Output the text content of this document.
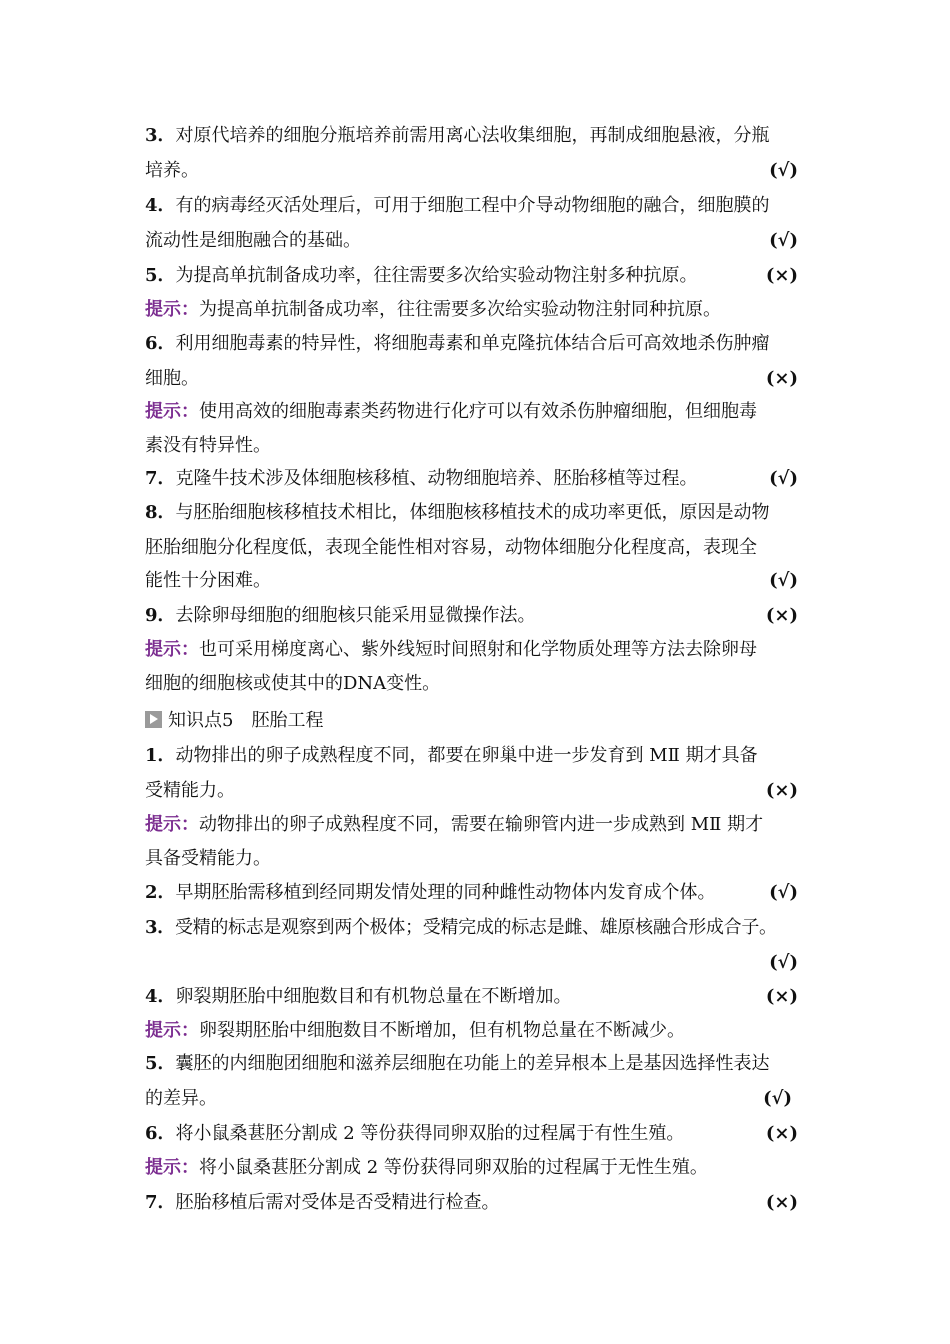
3．对原代培养的细胞分瓶培养前需用离心法收集细胞，再制成细胞悬液，分瓶
培养。	(√)
4．有的病毒经灭活处理后，可用于细胞工程中介导动物细胞的融合，细胞膜的
流动性是细胞融合的基础。	(√)
5．为提高单抗制备成功率，往往需要多次给实验动物注射多种抗原。	(×)
提示：为提高单抗制备成功率，往往需要多次给实验动物注射同种抗原。
6．利用细胞毒素的特异性，将细胞毒素和单克隆抗体结合后可高效地杀伤肿瘤
细胞。	(×)
提示：使用高效的细胞毒素类药物进行化疗可以有效杀伤肿瘤细胞，但细胞毒
素没有特异性。
7．克隆牛技术涉及体细胞核移植、动物细胞培养、胚胎移植等过程。	(√)
8．与胚胎细胞核移植技术相比，体细胞核移植技术的成功率更低，原因是动物
胚胎细胞分化程度低，表现全能性相对容易，动物体细胞分化程度高，表现全
能性十分困难。	(√)
9．去除卵母细胞的细胞核只能采用显微操作法。	(×)
提示：也可采用梯度离心、紫外线短时间照射和化学物质处理等方法去除卵母
细胞的细胞核或使其中的DNA变性。
知识点5　胚胎工程
1．动物排出的卵子成熟程度不同，都要在卵巢中进一步发育到 MⅡ 期才具备
受精能力。	(×)
提示：动物排出的卵子成熟程度不同，需要在输卵管内进一步成熟到 MⅡ 期才
具备受精能力。
2．早期胚胎需移植到经同期发情处理的同种雌性动物体内发育成个体。	(√)
3．受精的标志是观察到两个极体；受精完成的标志是雌、雄原核融合形成合子。
(√)
4．卵裂期胚胎中细胞数目和有机物总量在不断增加。	(×)
提示：卵裂期胚胎中细胞数目不断增加，但有机物总量在不断减少。
5．囊胚的内细胞团细胞和滋养层细胞在功能上的差异根本上是基因选择性表达
的差异。	(√)
6．将小鼠桑葚胚分割成 2 等份获得同卵双胎的过程属于有性生殖。	(×)
提示：将小鼠桑葚胚分割成 2 等份获得同卵双胎的过程属于无性生殖。
7．胚胎移植后需对受体是否受精进行检查。	(×)
